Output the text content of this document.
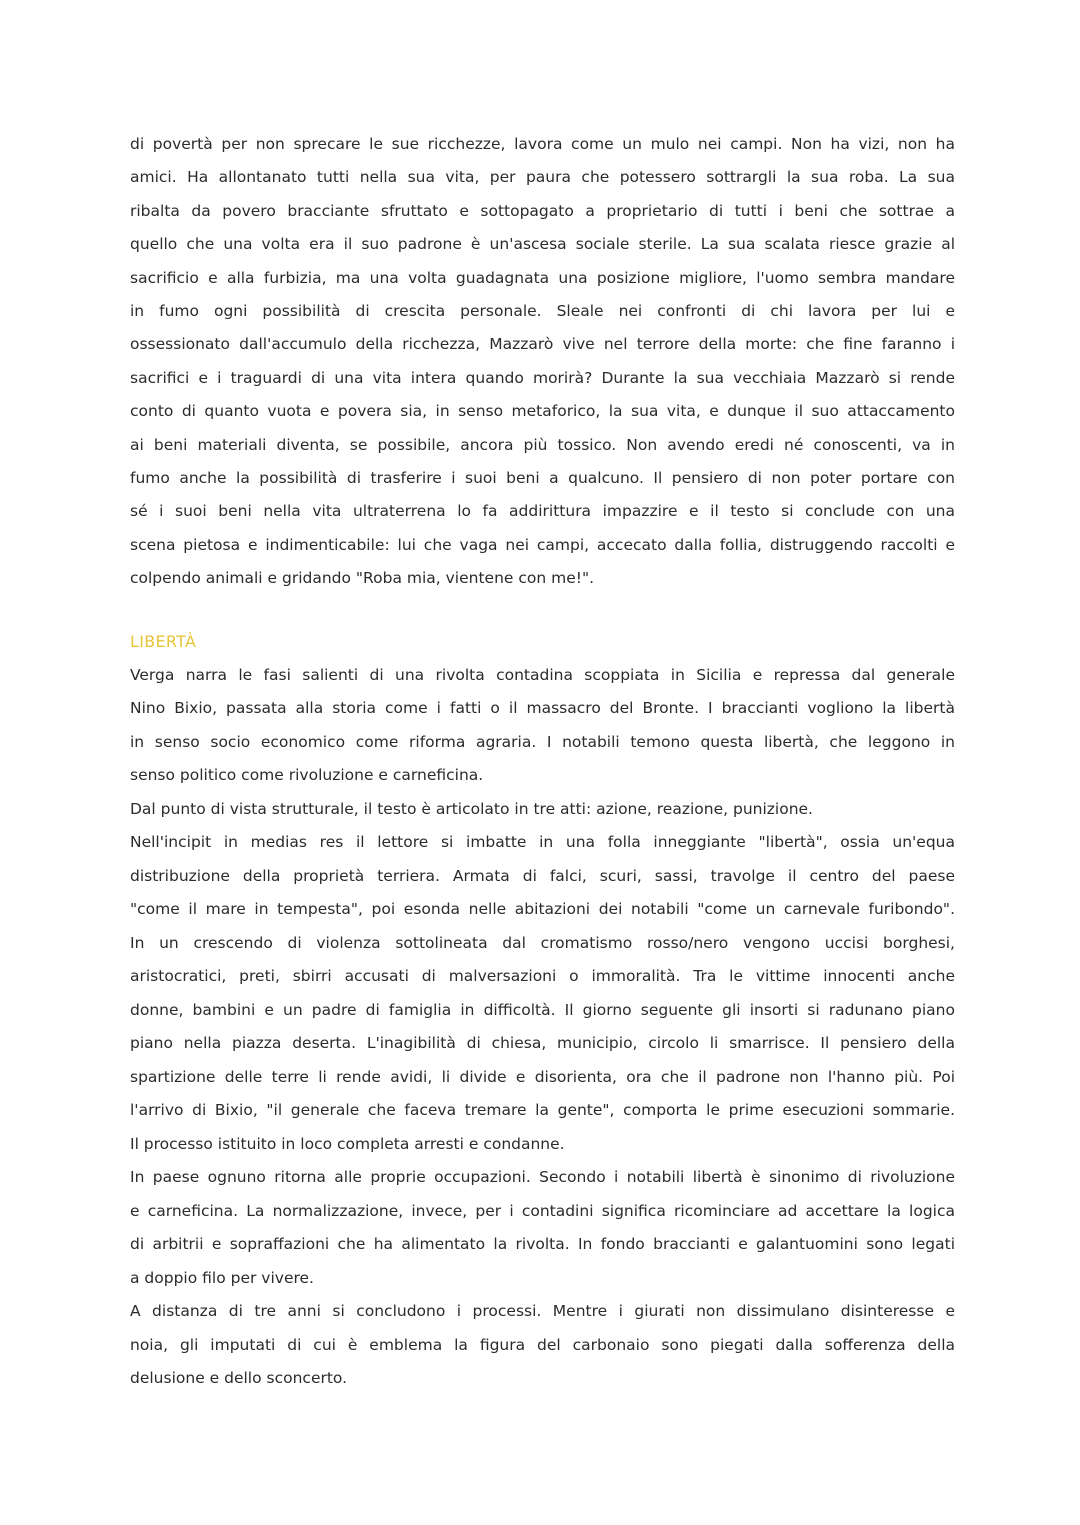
di povertà per non sprecare le sue ricchezze, lavora come un mulo nei campi. Non ha vizi, non ha
amici. Ha allontanato tutti nella sua vita, per paura che potessero sottrargli la sua roba. La sua
ribalta da povero bracciante sfruttato e sottopagato a proprietario di tutti i beni che sottrae a
quello che una volta era il suo padrone è un'ascesa sociale sterile. La sua scalata riesce grazie al
sacrificio e alla furbizia, ma una volta guadagnata una posizione migliore, l'uomo sembra mandare
in fumo ogni possibilità di crescita personale. Sleale nei confronti di chi lavora per lui e
ossessionato dall'accumulo della ricchezza, Mazzarò vive nel terrore della morte: che fine faranno i
sacrifici e i traguardi di una vita intera quando morirà? Durante la sua vecchiaia Mazzarò si rende
conto di quanto vuota e povera sia, in senso metaforico, la sua vita, e dunque il suo attaccamento
ai beni materiali diventa, se possibile, ancora più tossico. Non avendo eredi né conoscenti, va in
fumo anche la possibilità di trasferire i suoi beni a qualcuno. Il pensiero di non poter portare con
sé i suoi beni nella vita ultraterrena lo fa addirittura impazzire e il testo si conclude con una
scena pietosa e indimenticabile: lui che vaga nei campi, accecato dalla follia, distruggendo raccolti e
colpendo animali e gridando "Roba mia, vientene con me!".
LIBERTÀ
Verga narra le fasi salienti di una rivolta contadina scoppiata in Sicilia e repressa dal generale
Nino Bixio, passata alla storia come i fatti o il massacro del Bronte. I braccianti vogliono la libertà
in senso socio economico come riforma agraria. I notabili temono questa libertà, che leggono in
senso politico come rivoluzione e carneficina.
Dal punto di vista strutturale, il testo è articolato in tre atti: azione, reazione, punizione.
Nell'incipit in medias res il lettore si imbatte in una folla inneggiante "libertà", ossia un'equa
distribuzione della proprietà terriera. Armata di falci, scuri, sassi, travolge il centro del paese
"come il mare in tempesta", poi esonda nelle abitazioni dei notabili "come un carnevale furibondo".
In un crescendo di violenza sottolineata dal cromatismo rosso/nero vengono uccisi borghesi,
aristocratici, preti, sbirri accusati di malversazioni o immoralità. Tra le vittime innocenti anche
donne, bambini e un padre di famiglia in difficoltà. Il giorno seguente gli insorti si radunano piano
piano nella piazza deserta. L'inagibilità di chiesa, municipio, circolo li smarrisce. Il pensiero della
spartizione delle terre li rende avidi, li divide e disorienta, ora che il padrone non l'hanno più. Poi
l'arrivo di Bixio, "il generale che faceva tremare la gente", comporta le prime esecuzioni sommarie.
Il processo istituito in loco completa arresti e condanne.
In paese ognuno ritorna alle proprie occupazioni. Secondo i notabili libertà è sinonimo di rivoluzione
e carneficina. La normalizzazione, invece, per i contadini significa ricominciare ad accettare la logica
di arbitrii e sopraffazioni che ha alimentato la rivolta. In fondo braccianti e galantuomini sono legati
a doppio filo per vivere.
A distanza di tre anni si concludono i processi. Mentre i giurati non dissimulano disinteresse e
noia, gli imputati di cui è emblema la figura del carbonaio sono piegati dalla sofferenza della
delusione e dello sconcerto.
